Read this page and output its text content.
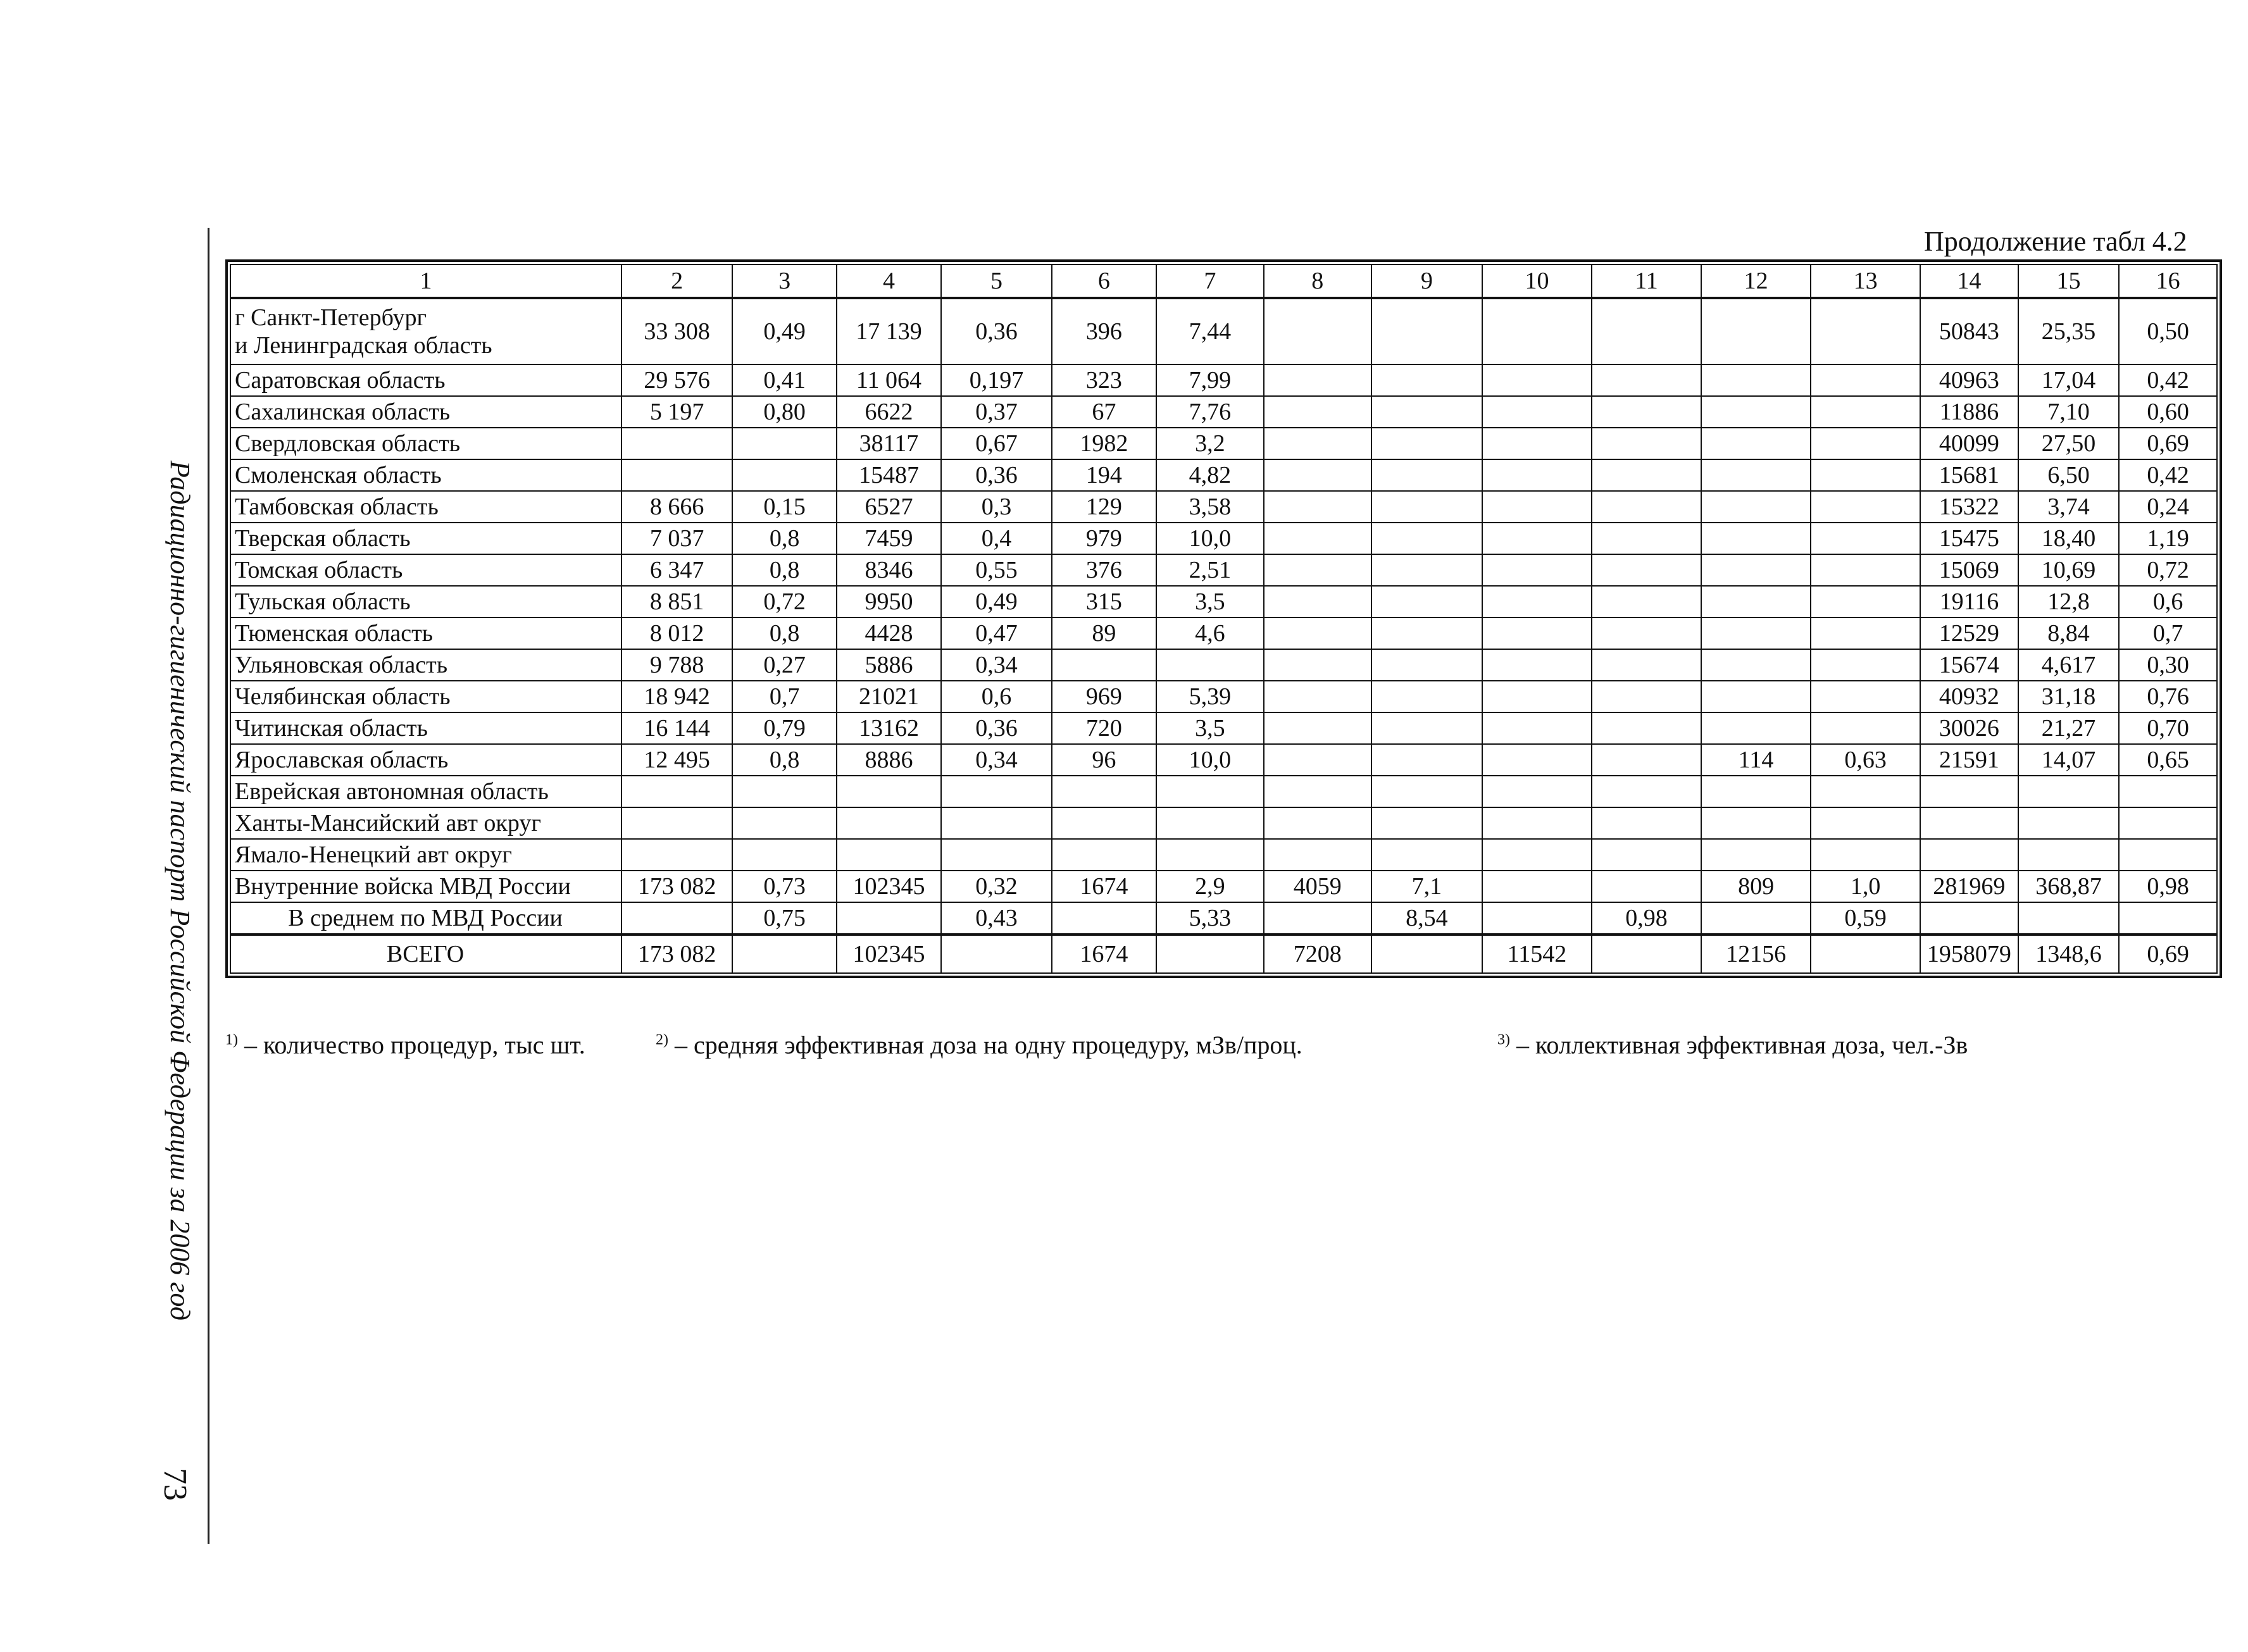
Радиационно-гигиенический паспорт Российской Федерации за 2006 год
73
Продолжение табл 4.2
1	2	3	4	5	6	7	8	9	10	11	12	13	14	15	16

г Санкт-Петербург
и Ленинградская область	33 308	0,49	17 139	0,36	396	7,44							50843	25,35	0,50

Саратовская область	29 576	0,41	11 064	0,197	323	7,99							40963	17,04	0,42

Сахалинская область	5 197	0,80	6622	0,37	67	7,76							11886	7,10	0,60

Свердловская область			38117	0,67	1982	3,2							40099	27,50	0,69

Смоленская область			15487	0,36	194	4,82							15681	6,50	0,42

Тамбовская область	8 666	0,15	6527	0,3	129	3,58							15322	3,74	0,24

Тверская область	7 037	0,8	7459	0,4	979	10,0							15475	18,40	1,19

Томская область	6 347	0,8	8346	0,55	376	2,51							15069	10,69	0,72

Тульская область	8 851	0,72	9950	0,49	315	3,5							19116	12,8	0,6

Тюменская область	8 012	0,8	4428	0,47	89	4,6							12529	8,84	0,7

Ульяновская область	9 788	0,27	5886	0,34									15674	4,617	0,30

Челябинская область	18 942	0,7	21021	0,6	969	5,39							40932	31,18	0,76

Читинская область	16 144	0,79	13162	0,36	720	3,5							30026	21,27	0,70

Ярославская область	12 495	0,8	8886	0,34	96	10,0					114	0,63	21591	14,07	0,65

Еврейская автономная область															

Ханты-Мансийский авт округ															

Ямало-Ненецкий авт округ															

Внутренние войска МВД России	173 082	0,73	102345	0,32	1674	2,9	4059	7,1			809	1,0	281969	368,87	0,98

В среднем по МВД России		0,75		0,43		5,33		8,54		0,98		0,59			

ВСЕГО	173 082		102345		1674		7208		11542		12156		1958079	1348,6	0,69
$^{1)}$ – количество процедур, тыс шт.	$^{2)}$ – средняя эффективная доза на одну процедуру, мЗв/проц.	$^{3)}$ – коллективная эффективная доза, чел.-Зв
